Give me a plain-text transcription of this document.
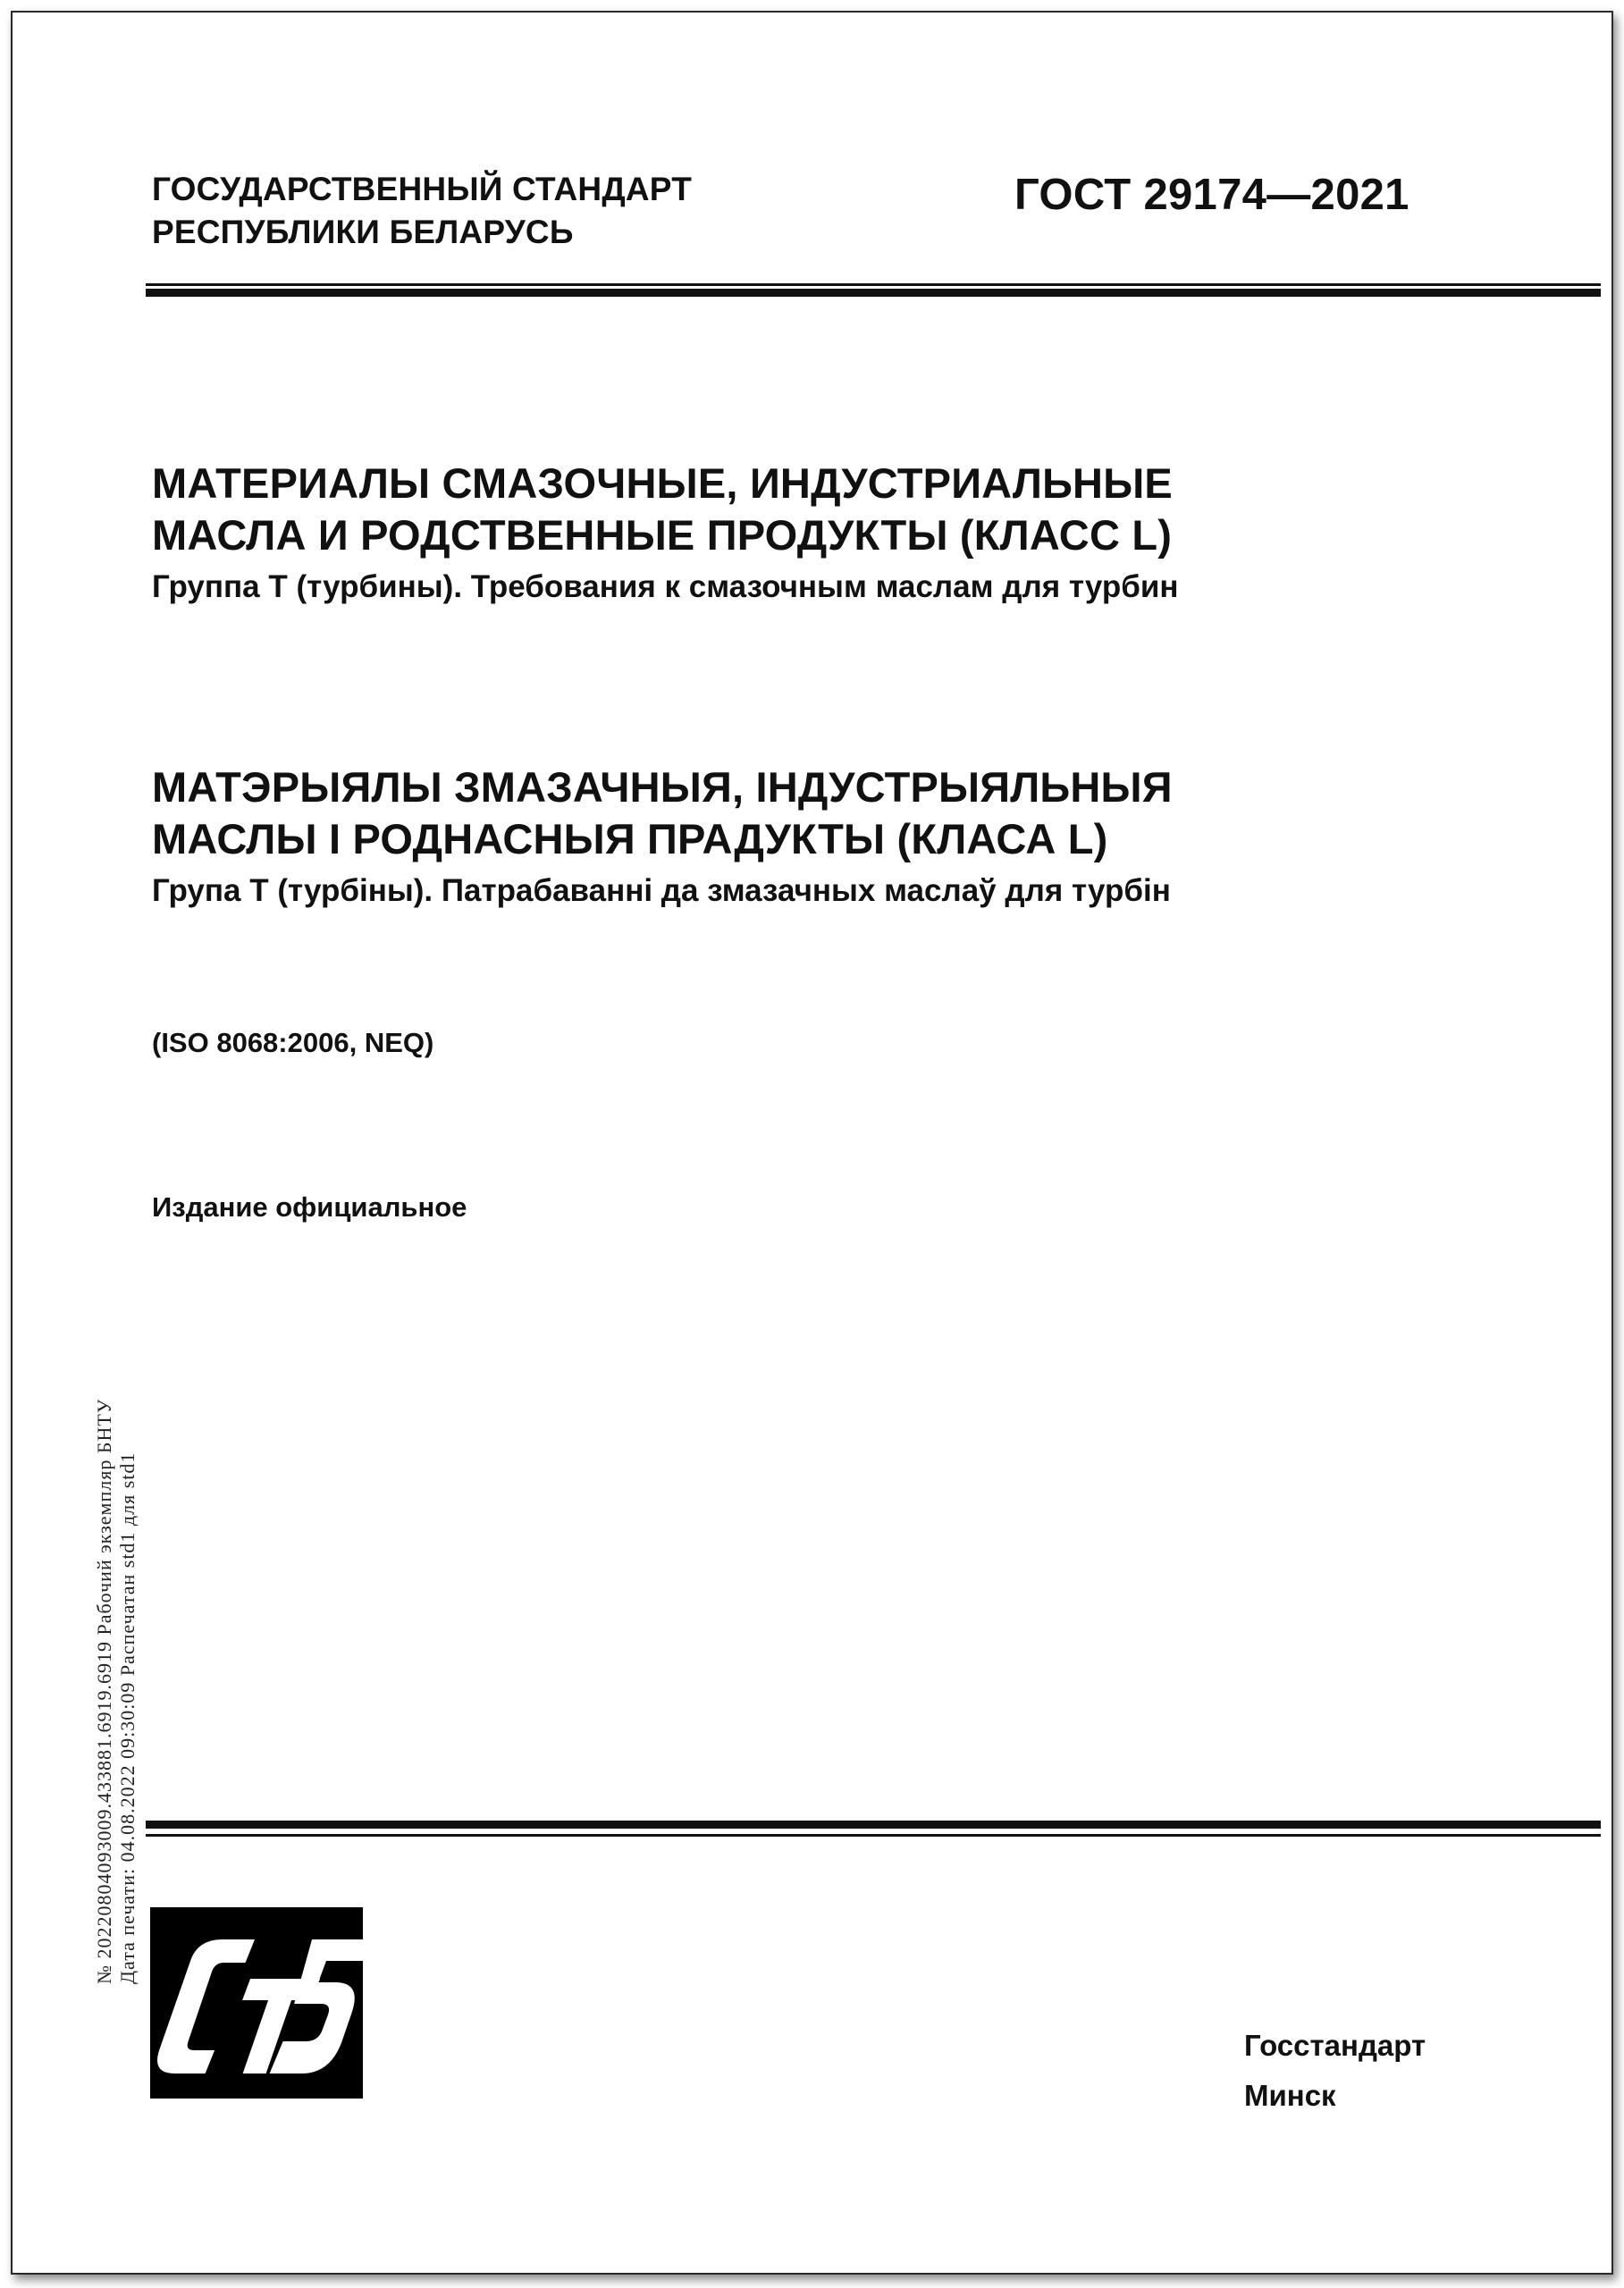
ГОСУДАРСТВЕННЫЙ СТАНДАРТ
РЕСПУБЛИКИ БЕЛАРУСЬ
ГОСТ 29174—2021
МАТЕРИАЛЫ СМАЗОЧНЫЕ, ИНДУСТРИАЛЬНЫЕ
МАСЛА И РОДСТВЕННЫЕ ПРОДУКТЫ (КЛАСС L)
Группа Т (турбины). Требования к смазочным маслам для турбин
МАТЭРЫЯЛЫ ЗМАЗАЧНЫЯ, ІНДУСТРЫЯЛЬНЫЯ
МАСЛЫ І РОДНАСНЫЯ ПРАДУКТЫ (КЛАСА L)
Група Т (турбіны). Патрабаванні да змазачных маслаў для турбін
(ISO 8068:2006, NEQ)
Издание официальное
№ 20220804093009.433881.6919.6919 Рабочий экземпляр БНТУ Дата печати: 04.08.2022 09:30:09 Распечатан std1 для std1
Госстандарт
Минск
